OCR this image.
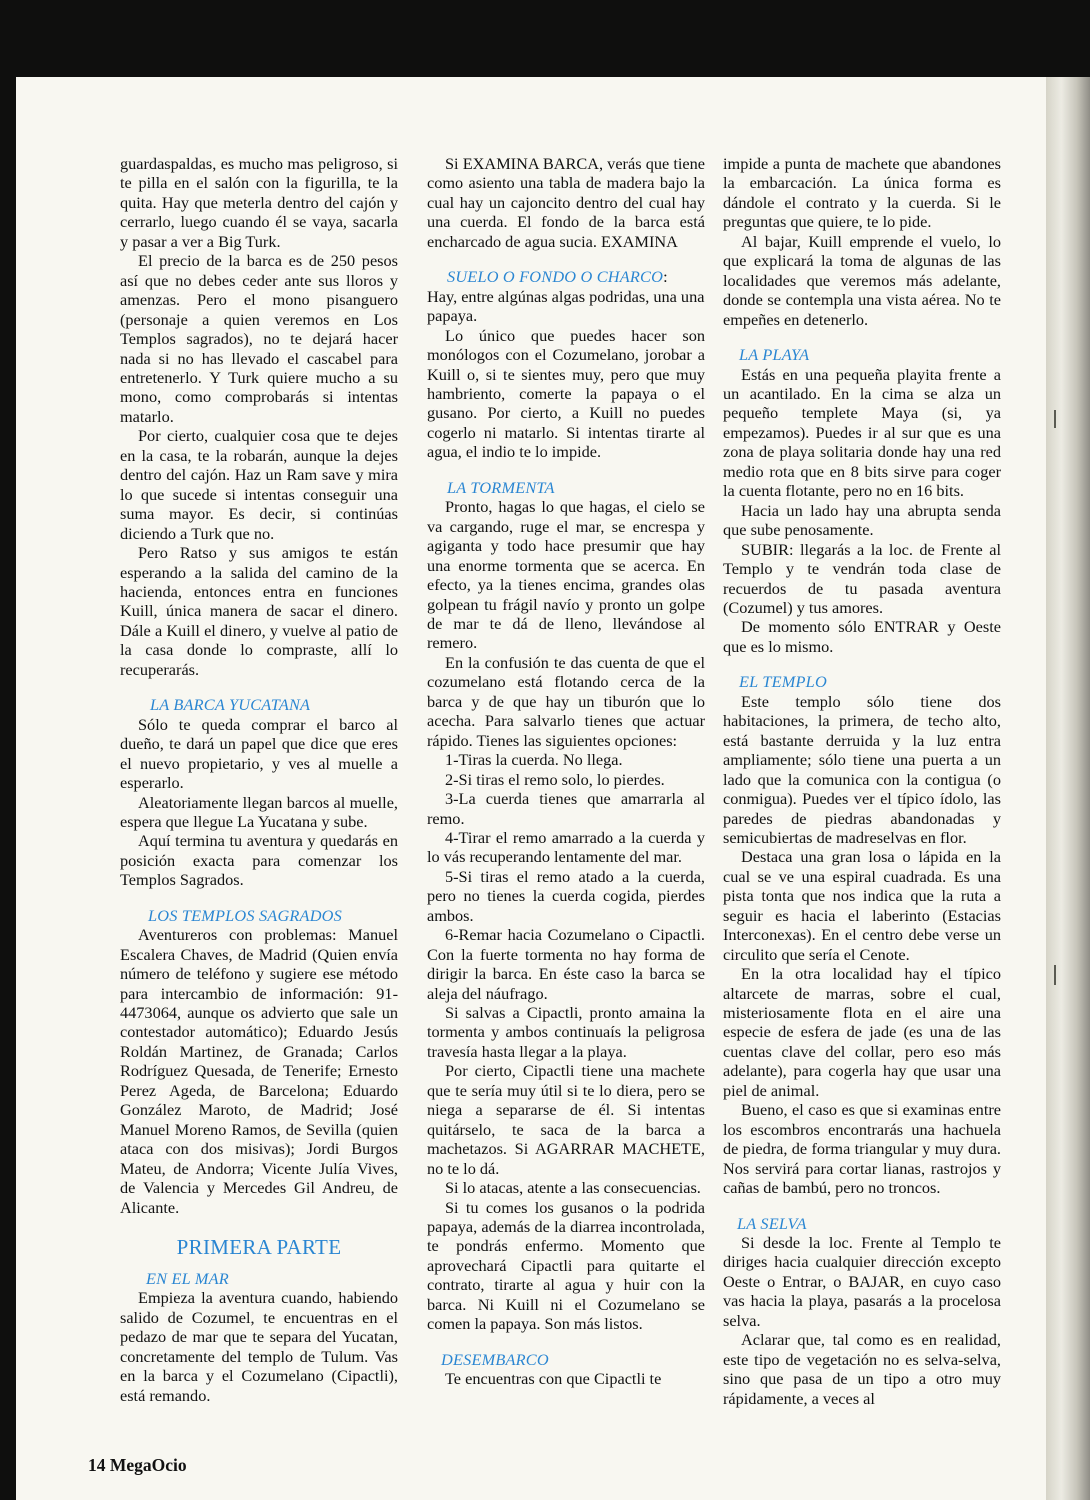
guardaspaldas, es mucho mas peligroso, si te pilla en el salón con la figurilla, te la quita. Hay que meterla dentro del cajón y cerrarlo, luego cuando él se vaya, sacarla y pasar a ver a Big Turk.

El precio de la barca es de 250 pesos así que no debes ceder ante sus lloros y amenzas. Pero el mono pisanguero (personaje a quien veremos en Los Templos sagrados), no te dejará hacer nada si no has llevado el cascabel para entretenerlo. Y Turk quiere mucho a su mono, como comprobarás si intentas matarlo.

Por cierto, cualquier cosa que te dejes en la casa, te la robarán, aunque la dejes dentro del cajón. Haz un Ram save y mira lo que sucede si intentas conseguir una suma mayor. Es decir, si continúas diciendo a Turk que no.

Pero Ratso y sus amigos te están esperando a la salida del camino de la hacienda, entonces entra en funciones Kuill, única manera de sacar el dinero. Dále a Kuill el dinero, y vuelve al patio de la casa donde lo compraste, allí lo recuperarás.

LA BARCA YUCATANA

Sólo te queda comprar el barco al dueño, te dará un papel que dice que eres el nuevo propietario, y ves al muelle a esperarlo.

Aleatoriamente llegan barcos al muelle, espera que llegue La Yucatana y sube.

Aquí termina tu aventura y quedarás en posición exacta para comenzar los Templos Sagrados.

LOS TEMPLOS SAGRADOS

Aventureros con problemas: Manuel Escalera Chaves, de Madrid (Quien envía número de teléfono y sugiere ese método para intercambio de información: 91-4473064, aunque os advierto que sale un contestador automático); Eduardo Jesús Roldán Martinez, de Granada; Carlos Rodríguez Quesada, de Tenerife; Ernesto Perez Ageda, de Barcelona; Eduardo González Maroto, de Madrid; José Manuel Moreno Ramos, de Sevilla (quien ataca con dos misivas); Jordi Burgos Mateu, de Andorra; Vicente Julía Vives, de Valencia y Mercedes Gil Andreu, de Alicante.

PRIMERA PARTE
EN EL MAR

Empieza la aventura cuando, habiendo salido de Cozumel, te encuentras en el pedazo de mar que te separa del Yucatan, concretamente del templo de Tulum. Vas en la barca y el Cozumelano (Cipactli), está remando.

Si EXAMINA BARCA, verás que tiene como asiento una tabla de madera bajo la cual hay un cajoncito dentro del cual hay una cuerda. El fondo de la barca está encharcado de agua sucia. EXAMINA

SUELO O FONDO O CHARCO:

Hay, entre algúnas algas podridas, una una papaya.

Lo único que puedes hacer son monólogos con el Cozumelano, jorobar a Kuill o, si te sientes muy, pero que muy hambriento, comerte la papaya o el gusano. Por cierto, a Kuill no puedes cogerlo ni matarlo. Si intentas tirarte al agua, el indio te lo impide.

LA TORMENTA

Pronto, hagas lo que hagas, el cielo se va cargando, ruge el mar, se encrespa y agiganta y todo hace presumir que hay una enorme tormenta que se acerca. En efecto, ya la tienes encima, grandes olas golpean tu frágil navío y pronto un golpe de mar te dá de lleno, llevándose al remero.

En la confusión te das cuenta de que el cozumelano está flotando cerca de la barca y de que hay un tiburón que lo acecha. Para salvarlo tienes que actuar rápido. Tienes las siguientes opciones:

1-Tiras la cuerda. No llega.

2-Si tiras el remo solo, lo pierdes.

3-La cuerda tienes que amarrarla al remo.

4-Tirar el remo amarrado a la cuerda y lo vás recuperando lentamente del mar.

5-Si tiras el remo atado a la cuerda, pero no tienes la cuerda cogida, pierdes ambos.

6-Remar hacia Cozumelano o Cipactli. Con la fuerte tormenta no hay forma de dirigir la barca. En éste caso la barca se aleja del náufrago.

Si salvas a Cipactli, pronto amaina la tormenta y ambos continuaís la peligrosa travesía hasta llegar a la playa.

Por cierto, Cipactli tiene una machete que te sería muy útil si te lo diera, pero se niega a separarse de él. Si intentas quitárselo, te saca de la barca a machetazos. Si AGARRAR MACHETE, no te lo dá.

Si lo atacas, atente a las consecuencias.

Si tu comes los gusanos o la podrida papaya, además de la diarrea incontrolada, te pondrás enfermo. Momento que aprovechará Cipactli para quitarte el contrato, tirarte al agua y huir con la barca. Ni Kuill ni el Cozumelano se comen la papaya. Son más listos.

DESEMBARCO

Te encuentras con que Cipactli te

impide a punta de machete que abandones la embarcación. La única forma es dándole el contrato y la cuerda. Si le preguntas que quiere, te lo pide.

Al bajar, Kuill emprende el vuelo, lo que explicará la toma de algunas de las localidades que veremos más adelante, donde se contempla una vista aérea. No te empeñes en detenerlo.

LA PLAYA

Estás en una pequeña playita frente a un acantilado. En la cima se alza un pequeño templete Maya (si, ya empezamos). Puedes ir al sur que es una zona de playa solitaria donde hay una red medio rota que en 8 bits sirve para coger la cuenta flotante, pero no en 16 bits.

Hacia un lado hay una abrupta senda que sube penosamente.

SUBIR: llegarás a la loc. de Frente al Templo y te vendrán toda clase de recuerdos de tu pasada aventura (Cozumel) y tus amores.

De momento sólo ENTRAR y Oeste que es lo mismo.

EL TEMPLO

Este templo sólo tiene dos habitaciones, la primera, de techo alto, está bastante derruida y la luz entra ampliamente; sólo tiene una puerta a un lado que la comunica con la contigua (o conmigua). Puedes ver el típico ídolo, las paredes de piedras abandonadas y semicubiertas de madreselvas en flor.

Destaca una gran losa o lápida en la cual se ve una espiral cuadrada. Es una pista tonta que nos indica que la ruta a seguir es hacia el laberinto (Estacias Interconexas). En el centro debe verse un circulito que sería el Cenote.

En la otra localidad hay el típico altarcete de marras, sobre el cual, misteriosamente flota en el aire una especie de esfera de jade (es una de las cuentas clave del collar, pero eso más adelante), para cogerla hay que usar una piel de animal.

Bueno, el caso es que si examinas entre los escombros encontrarás una hachuela de piedra, de forma triangular y muy dura. Nos servirá para cortar lianas, rastrojos y cañas de bambú, pero no troncos.

LA SELVA

Si desde la loc. Frente al Templo te diriges hacia cualquier dirección excepto Oeste o Entrar, o BAJAR, en cuyo caso vas hacia la playa, pasarás a la procelosa selva.

Aclarar que, tal como es en realidad, este tipo de vegetación no es selva-selva, sino que pasa de un tipo a otro muy rápidamente, a veces al

14 MegaOcio
